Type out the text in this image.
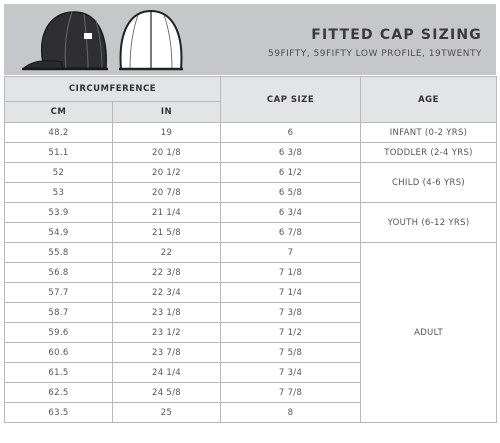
FITTED CAP SIZING
59FIFTY, 59FIFTY LOW PROFILE, 19TWENTY
CIRCUMFERENCE		CAP SIZE	AGE
CM	IN		
48.2	19	6	INFANT (0-2 YRS)
51.1	20 1/8	6 3/8	TODDLER (2-4 YRS)
52	20 1/2	6 1/2	CHILD (4-6 YRS)
53	20 7/8	6 5/8	
53.9	21 1/4	6 3/4	YOUTH (6-12 YRS)
54.9	21 5/8	6 7/8	
55.8	22	7	ADULT
56.8	22 3/8	7 1/8	
57.7	22 3/4	7 1/4	
58.7	23 1/8	7 3/8	
59.6	23 1/2	7 1/2	
60.6	23 7/8	7 5/8	
61.5	24 1/4	7 3/4	
62.5	24 5/8	7 7/8	
63.5	25	8	
